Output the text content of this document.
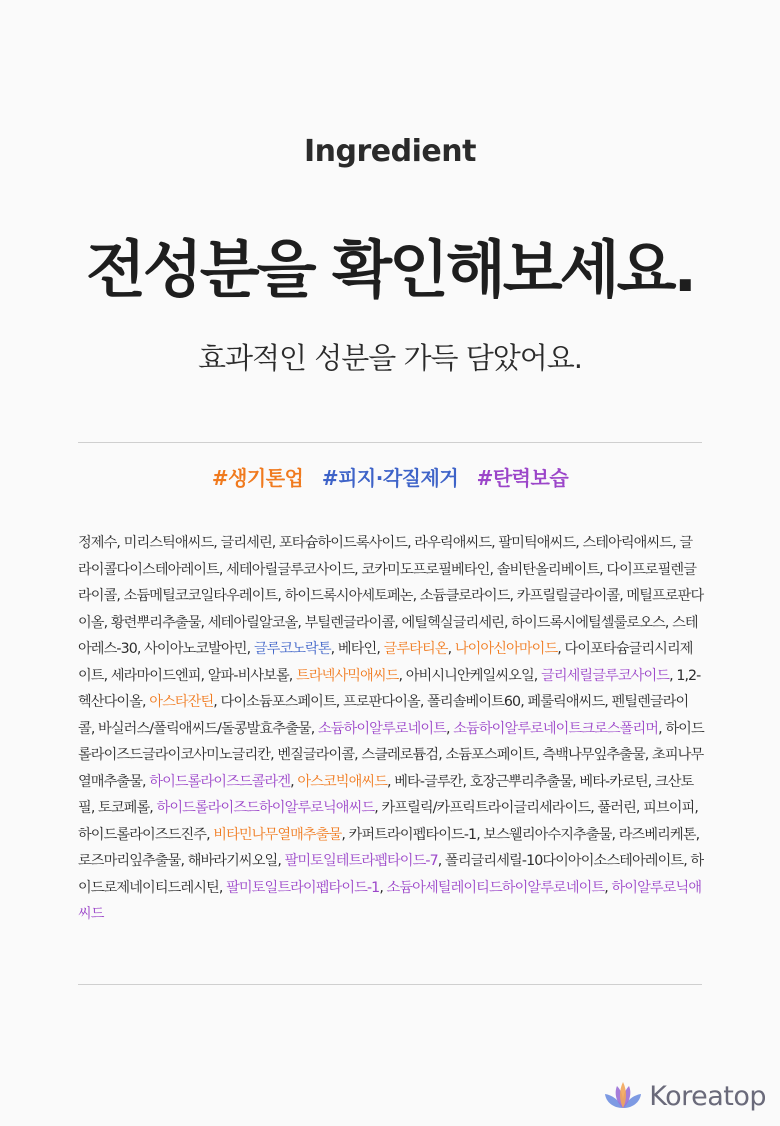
Ingredient
전성분을 확인해보세요.
효과적인 성분을 가득 담았어요.
#생기톤업 #피지·각질제거 #탄력보습
정제수, 미리스틱애씨드, 글리세린, 포타슘하이드록사이드, 라우릭애씨드, 팔미틱애씨드, 스테아릭애씨드, 글라이콜다이스테아레이트, 세테아릴글루코사이드, 코카미도프로필베타인, 솔비탄올리베이트, 다이프로필렌글라이콜, 소듐메틸코코일타우레이트, 하이드록시아세토페논, 소듐클로라이드, 카프릴릴글라이콜, 메틸프로판다이올, 황련뿌리추출물, 세테아릴알코올, 부틸렌글라이콜, 에틸헥실글리세린, 하이드록시에틸셀룰로오스, 스테아레스-30, 사이아노코발아민, 글루코노락톤, 베타인, 글루타티온, 나이아신아마이드, 다이포타슘글리시리제이트, 세라마이드엔피, 알파-비사보롤, 트라넥사믹애씨드, 아비시니안케일씨오일, 글리세릴글루코사이드, 1,2-헥산다이올, 아스타잔틴, 다이소듐포스페이트, 프로판다이올, 폴리솔베이트60, 페룰릭애씨드, 펜틸렌글라이콜, 바실러스/폴릭애씨드/돌콩발효추출물, 소듐하이알루로네이트, 소듐하이알루로네이트크로스폴리머, 하이드롤라이즈드글라이코사미노글리칸, 벤질글라이콜, 스클레로튬검, 소듐포스페이트, 측백나무잎추출물, 초피나무열매추출물, 하이드롤라이즈드콜라겐, 아스코빅애씨드, 베타-글루칸, 호장근뿌리추출물, 베타-카로틴, 크산토필, 토코페롤, 하이드롤라이즈드하이알루로닉애씨드, 카프릴릭/카프릭트라이글리세라이드, 풀러린, 피브이피, 하이드롤라이즈드진주, 비타민나무열매추출물, 카퍼트라이펩타이드-1, 보스웰리아수지추출물, 라즈베리케톤, 로즈마리잎추출물, 해바라기씨오일, 팔미토일테트라펩타이드-7, 폴리글리세릴-10다이아이소스테아레이트, 하이드로제네이티드레시틴, 팔미토일트라이펩타이드-1, 소듐아세틸레이티드하이알루로네이트, 하이알루로닉애씨드
Koreatop
